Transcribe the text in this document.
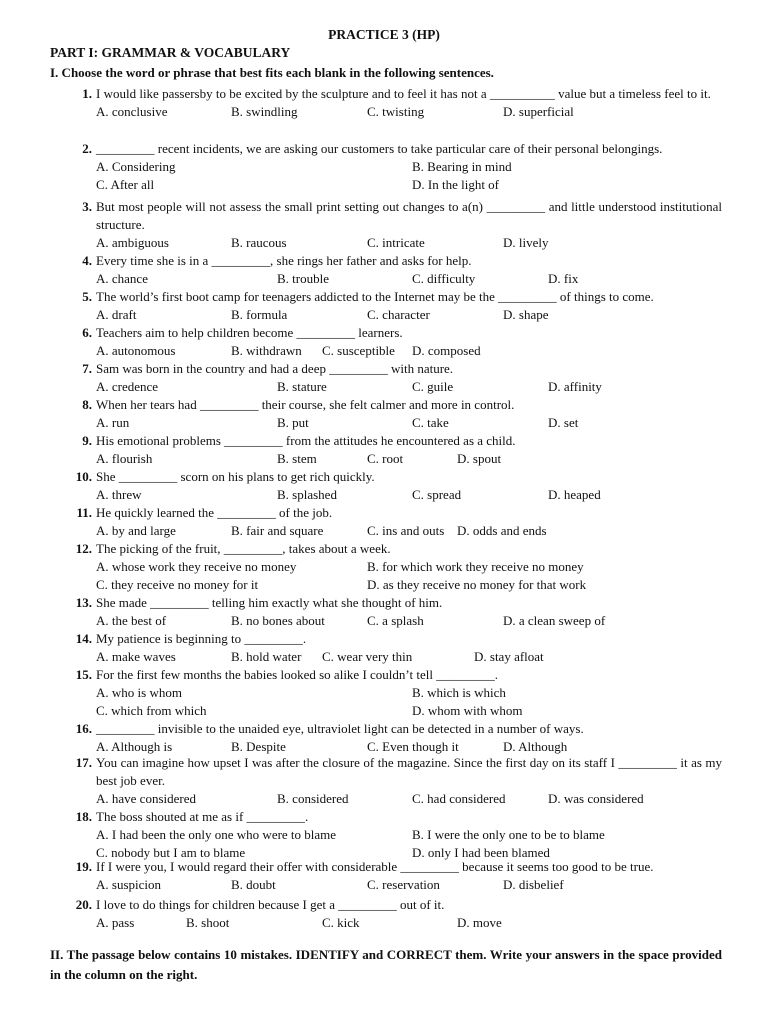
PRACTICE 3 (HP)
PART I: GRAMMAR & VOCABULARY
I. Choose the word or phrase that best fits each blank in the following sentences.
1. I would like passersby to be excited by the sculpture and to feel it has not a __________ value but a timeless feel to it.
A. conclusive	B. swindling	C. twisting	D. superficial
2. _________ recent incidents, we are asking our customers to take particular care of their personal belongings.
A. Considering	B. Bearing in mind
C. After all	D. In the light of
3. But most people will not assess the small print setting out changes to a(n) _________ and little understood institutional structure.
A. ambiguous	B. raucous	C. intricate	D. lively
4. Every time she is in a _________, she rings her father and asks for help.
A. chance	B. trouble	C. difficulty	D. fix
5. The world’s first boot camp for teenagers addicted to the Internet may be the _________ of things to come.
A. draft	B. formula	C. character	D. shape
6. Teachers aim to help children become _________ learners.
A. autonomous	B. withdrawn C. susceptible D. composed
7. Sam was born in the country and had a deep _________ with nature.
A. credence	B. stature	C. guile	D. affinity
8. When her tears had _________ their course, she felt calmer and more in control.
A. run	B. put	C. take	D. set
9. His emotional problems _________ from the attitudes he encountered as a child.
A. flourish	B. stem	C. root	D. spout
10. She _________ scorn on his plans to get rich quickly.
A. threw	B. splashed	C. spread	D. heaped
11. He quickly learned the _________ of the job.
A. by and large	B. fair and square	C. ins and outs D. odds and ends
12. The picking of the fruit, _________, takes about a week.
A. whose work they receive no money	B. for which work they receive no money
C. they receive no money for it	D. as they receive no money for that work
13. She made _________ telling him exactly what she thought of him.
A. the best of	B. no bones about	C. a splash	D. a clean sweep of
14. My patience is beginning to _________.
A. make waves	B. hold water C. wear very thin	D. stay afloat
15. For the first few months the babies looked so alike I couldn’t tell _________.
A. who is whom	B. which is which
C. which from which	D. whom with whom
16. _________ invisible to the unaided eye, ultraviolet light can be detected in a number of ways.
A. Although is	B. Despite	C. Even though it	D. Although
17. You can imagine how upset I was after the closure of the magazine. Since the first day on its staff I _________ it as my best job ever.
A. have considered	B. considered	C. had considered	D. was considered
18. The boss shouted at me as if _________.
A. I had been the only one who were to blame	B. I were the only one to be to blame
C. nobody but I am to blame	D. only I had been blamed
19. If I were you, I would regard their offer with considerable _________ because it seems too good to be true.
A. suspicion	B. doubt	C. reservation	D. disbelief
20. I love to do things for children because I get a _________ out of it.
A. pass	B. shoot	C. kick	D. move
II. The passage below contains 10 mistakes. IDENTIFY and CORRECT them. Write your answers in the space provided in the column on the right.
